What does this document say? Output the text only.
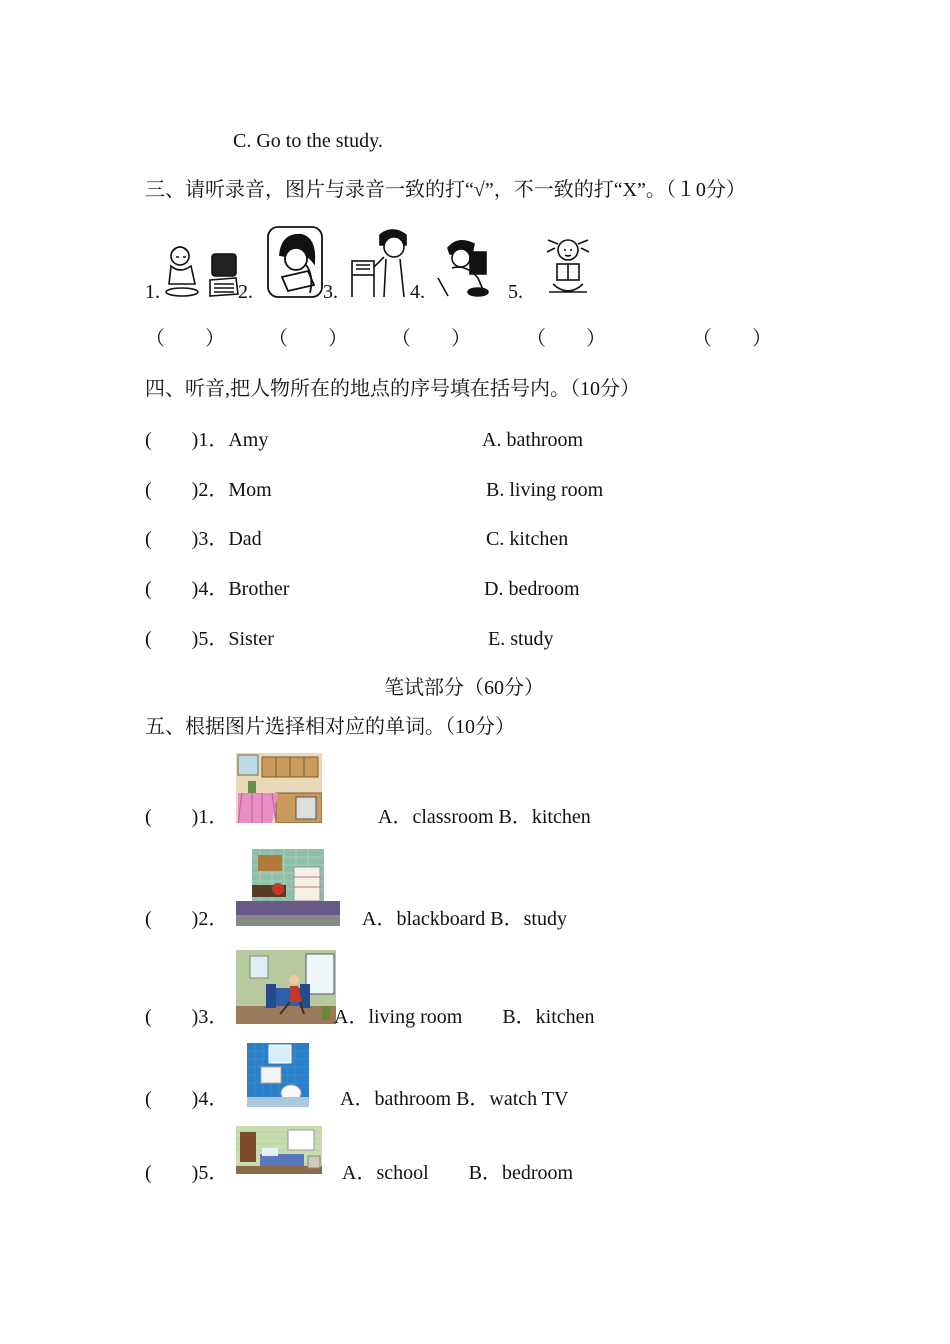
C. Go to the study.
三、请听录音，图片与录音一致的打“√”，不一致的打“X”。（１0分）
1.	2.	3.	4.	5.
（　　） （　　） （　　）	（　　）	（　　）
四、听音,把人物所在的地点的序号填在括号内。（10分）
(　　)1．Amy	A. bathroom
(　　)2．Mom	B. living room
(　　)3．Dad	C. kitchen
(　　)4．Brother	D. bedroom
(　　)5．Sister	E. study
笔试部分（60分）
五、根据图片选择相对应的单词。（10分）
(　　)1．	A．classroom B．kitchen
(　　)2．	A．blackboard B．study
(　　)3．	A．living room　　B．kitchen
(　　)4．	A．bathroom B．watch TV
(　　)5．	A．school　　B．bedroom
